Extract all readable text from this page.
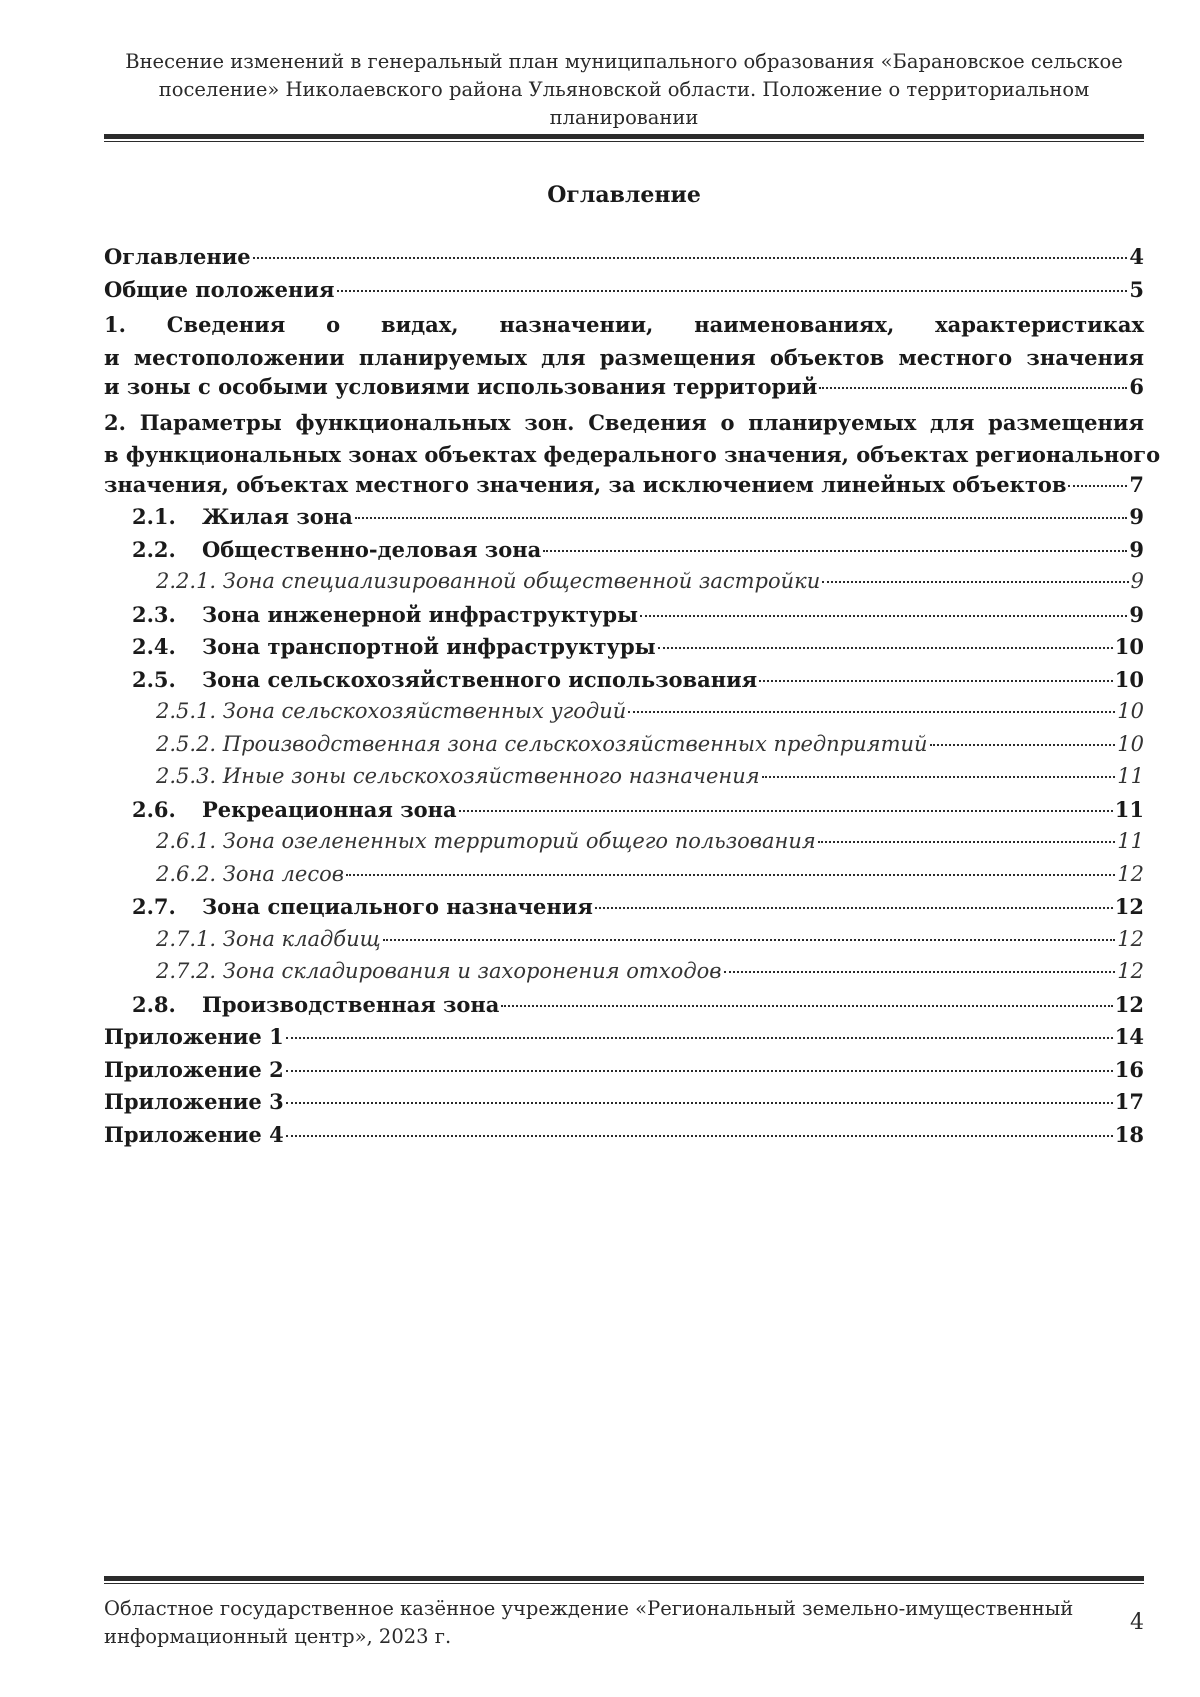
Внесение изменений в генеральный план муниципального образования «Барановское сельское
поселение» Николаевского района Ульяновской области. Положение о территориальном
планировании
Оглавление
Оглавление	4
Общие положения	5
1. Сведения о видах, назначении, наименованиях, характеристиках
и местоположении планируемых для размещения объектов местного значения
и зоны с особыми условиями использования территорий	6
2. Параметры функциональных зон. Сведения о планируемых для размещения
в функциональных зонах объектах федерального значения, объектах регионального
значения, объектах местного значения, за исключением линейных объектов	7
2.1. Жилая зона	9
2.2. Общественно-деловая зона	9
2.2.1. Зона специализированной общественной застройки	9
2.3. Зона инженерной инфраструктуры	9
2.4. Зона транспортной инфраструктуры	10
2.5. Зона сельскохозяйственного использования	10
2.5.1. Зона сельскохозяйственных угодий	10
2.5.2. Производственная зона сельскохозяйственных предприятий	10
2.5.3. Иные зоны сельскохозяйственного назначения	11
2.6. Рекреационная зона	11
2.6.1. Зона озелененных территорий общего пользования	11
2.6.2. Зона лесов	12
2.7. Зона специального назначения	12
2.7.1. Зона кладбищ	12
2.7.2. Зона складирования и захоронения отходов	12
2.8. Производственная зона	12
Приложение 1	14
Приложение 2	16
Приложение 3	17
Приложение 4	18
Областное государственное казённое учреждение «Региональный земельно-имущественный
информационный центр», 2023 г.
4
